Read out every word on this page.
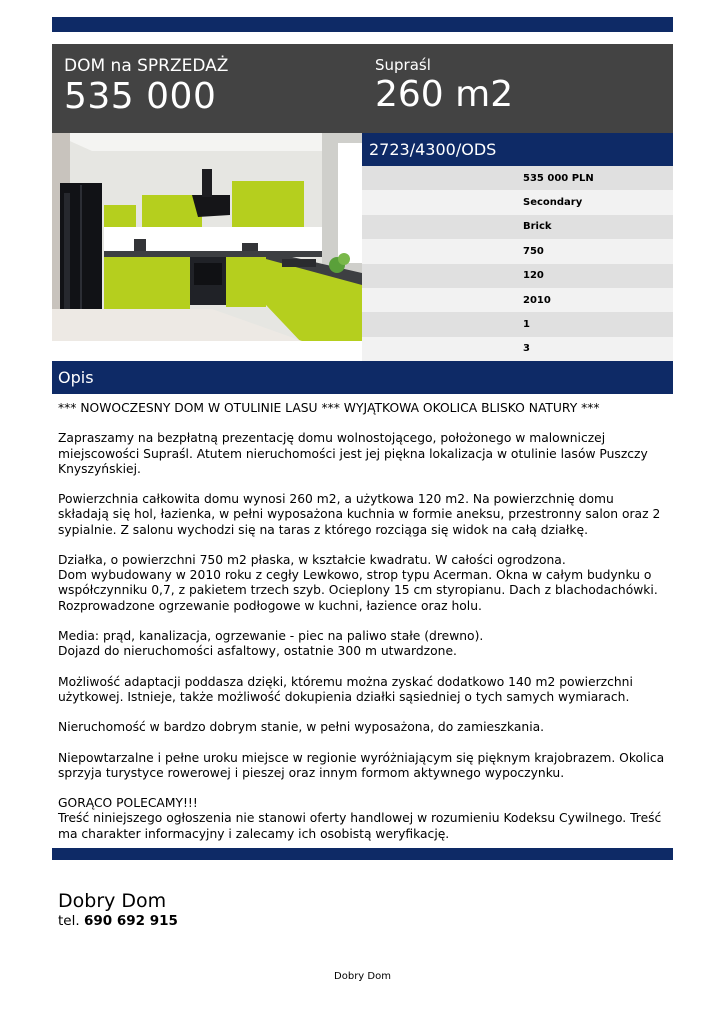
DOM na SPRZEDAŻ
535 000
Supraśl
260 m2
2723/4300/ODS
535 000 PLN
Secondary
Brick
750
120
2010
1
3
Opis

*** NOWOCZESNY DOM W OTULINIE LASU *** WYJĄTKOWA OKOLICA BLISKO NATURY ***

Zapraszamy na bezpłatną prezentację domu wolnostojącego, położonego w malowniczej miejscowości Supraśl. Atutem nieruchomości jest jej piękna lokalizacja w otulinie lasów Puszczy Knyszyńskiej.

Powierzchnia całkowita domu wynosi 260 m2, a użytkowa 120 m2. Na powierzchnię domu składają się hol, łazienka, w pełni wyposażona kuchnia w formie aneksu, przestronny salon oraz 2 sypialnie. Z salonu wychodzi się na taras z którego rozciąga się widok na całą działkę.

Działka, o powierzchni 750 m2 płaska, w kształcie kwadratu. W całości ogrodzona.
Dom wybudowany w 2010 roku z cegły Lewkowo, strop typu Acerman. Okna w całym budynku o współczynniku 0,7, z pakietem trzech szyb. Ocieplony 15 cm styropianu. Dach z blachodachówki. Rozprowadzone ogrzewanie podłogowe w kuchni, łazience oraz holu.

Media: prąd, kanalizacja, ogrzewanie - piec na paliwo stałe (drewno).
Dojazd do nieruchomości asfaltowy, ostatnie 300 m utwardzone.

Możliwość adaptacji poddasza dzięki, któremu można zyskać dodatkowo 140 m2 powierzchni użytkowej. Istnieje, także możliwość dokupienia działki sąsiedniej o tych samych wymiarach.

Nieruchomość w bardzo dobrym stanie, w pełni wyposażona, do zamieszkania.

Niepowtarzalne i pełne uroku miejsce w regionie wyróżniającym się pięknym krajobrazem. Okolica sprzyja turystyce rowerowej i pieszej oraz innym formom aktywnego wypoczynku.

GORĄCO POLECAMY!!!
Treść niniejszego ogłoszenia nie stanowi oferty handlowej w rozumieniu Kodeksu Cywilnego. Treść ma charakter informacyjny i zalecamy ich osobistą weryfikację.

Dobry Dom
tel. 690 692 915
Dobry Dom
